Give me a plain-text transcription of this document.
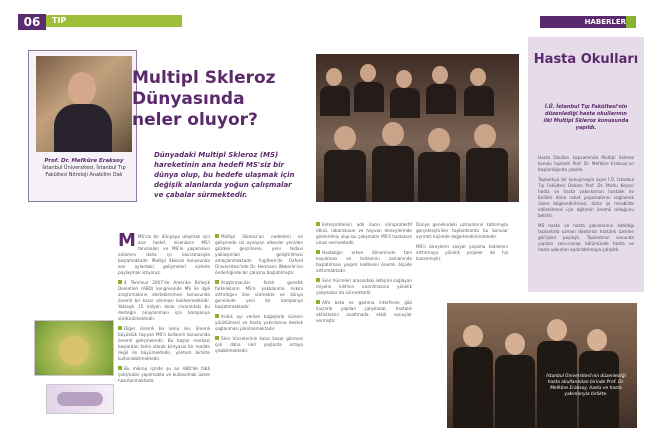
06	TIP	HABERLER
Prof. Dr. Mefkûre Eraksoy
İstanbul Üniversitesi, İstanbul Tıp Fakültesi Nöroloji Anabilim Dalı
Multipl Skleroz Dünyasında neler oluyor?
Dünyadaki Multipl Skleroz (MS) hareketinin ana hedefi MS'siz bir dünya olup, bu hedefe ulaşmak için değişik alanlarda yoğun çalışmalar ve çabalar sürmektedir.

MMS'siz bir dünyaya ulaşmak için ana hedef, insanların MS'i tanımaları ve MS'le yaşamanın anlamını daha iyi kavramasıyla başlamaktadır. Multipl Skleroz konusunda son aylardaki gelişmeleri sizlerle paylaşmak istiyoruz.

4 Temmuz 2007'de Amerika Birleşik Devletleri (ABD) kongresinde MS ile ilgili araştırmaların desteklenmesi konusunda önemli bir karar alınması beklenmektedir. Yaklaşık 15 milyon dolar civarındaki bu desteğin onaylanması için kampanya sürdürülmektedir.

Diğer önemli bir konu ise, önemli büyüklük taşıyan MS'li kullanım konusunda önemli gelişmelerdir. Bu başlar merkezi başlardan farklı olarak kimyasal bir madde değil ile büyümektedir, yöntem birlikte kullanılabilmektedir.

Bu mikrop içinde şu an ABD'de hâlâ çalışmalar yapılmakta ve kullanılmak üzere hazırlanmaktadır.

Multipl Skleroz'un nedenleri ve gelişmede rol oynayan etkenler yeniden gözden geçirilerek, yeni tedavi yaklaşımları geliştirilmesi amaçlanmaktadır. İngiltere'de Oxford Üniversitesi'nde Dr. Hermann Wekerle'nin önderliğinde bir çalışma başlatılmıştır.

Araştırmacılar farklı genetik farklılıkların MS'e yakalanma riskini arttırdığını öne sürmekte ve dünya genelinde yeni bir kampanya başlatılmaktadır.

Aralık ayı verilen bağışlarla sürecin yürütülmesi ve hasta yakınlarına destek sağlanması planlanmaktadır.

Sinir hücrelerinin kalıcı hasar görmesi çok daha ileri yaşlarda ortaya çıkabilmektedir.

Enterproteinin adlı ilacın nöroprotektif etkisi, laboratuvar ve hayvan deneylerinde gösterilmiş olup bu çalışmalar MS'li hastalara umut vermektedir.

Hastalığın erken döneminde tanı koyulması ve tedavinin zamanında başlatılması yaşam kalitesini önemli ölçüde arttırmaktadır.

Sinir hücreleri arasındaki iletişimi sağlayan miyelin kılıfının onarılmasına yönelik çalışmalar da sürmektedir.

Alfa beta ve gamma interferon gibi ilaçlarla yapılan çalışmalar, hastalık aktivitesini azaltmada etkili sonuçlar vermiştir.

Dünya genelindeki uzmanların katılımıyla gerçekleştirilen toplantılarda bu konular ayrıntılı biçimde değerlendirilmektedir.

MS'li bireylerin sosyal yaşama katılımını arttırmaya yönelik projeler de hız kazanmıştır.

Hasta Okulları
İ.Ü. İstanbul Tıp Fakültesi'nin düzenlediği hasta okullarının ilki Multipl Skleroz konusunda yapıldı.

Hasta Okulları kapsamında Multipl Skleroz konulu toplantı Prof. Dr. Mefkûre Eraksoy'un başkanlığında yapıldı.

Toplantıya bir konuşmayla açan İ.Ü. İstanbul Tıp Fakültesi Dekanı Prof. Dr. Mutlu Keçeci hasta ve hasta yakınlarının hastalık ile birlikte daha rahat yaşamalarını sağlamak üzere bilgilendirilmesi, daha iyi rehabilite edilebilmesi için eğitimin önemli olduğunu belirtti.

MS hasta ve hasta yakınlarının katıldığı toplantıda uzman doktorlar hastalık üzerine görüşleri paylaştı. Toplantının sonunda yapılan soru-cevap bölümünde hasta ve hasta yakınları aydınlatılmaya çalışıldı.

İstanbul Üniversitesi'nin düzenlediği hasta okullarından birinde Prof. Dr. Mefkûre Eraksoy, hasta ve hasta yakınlarıyla birlikte.
